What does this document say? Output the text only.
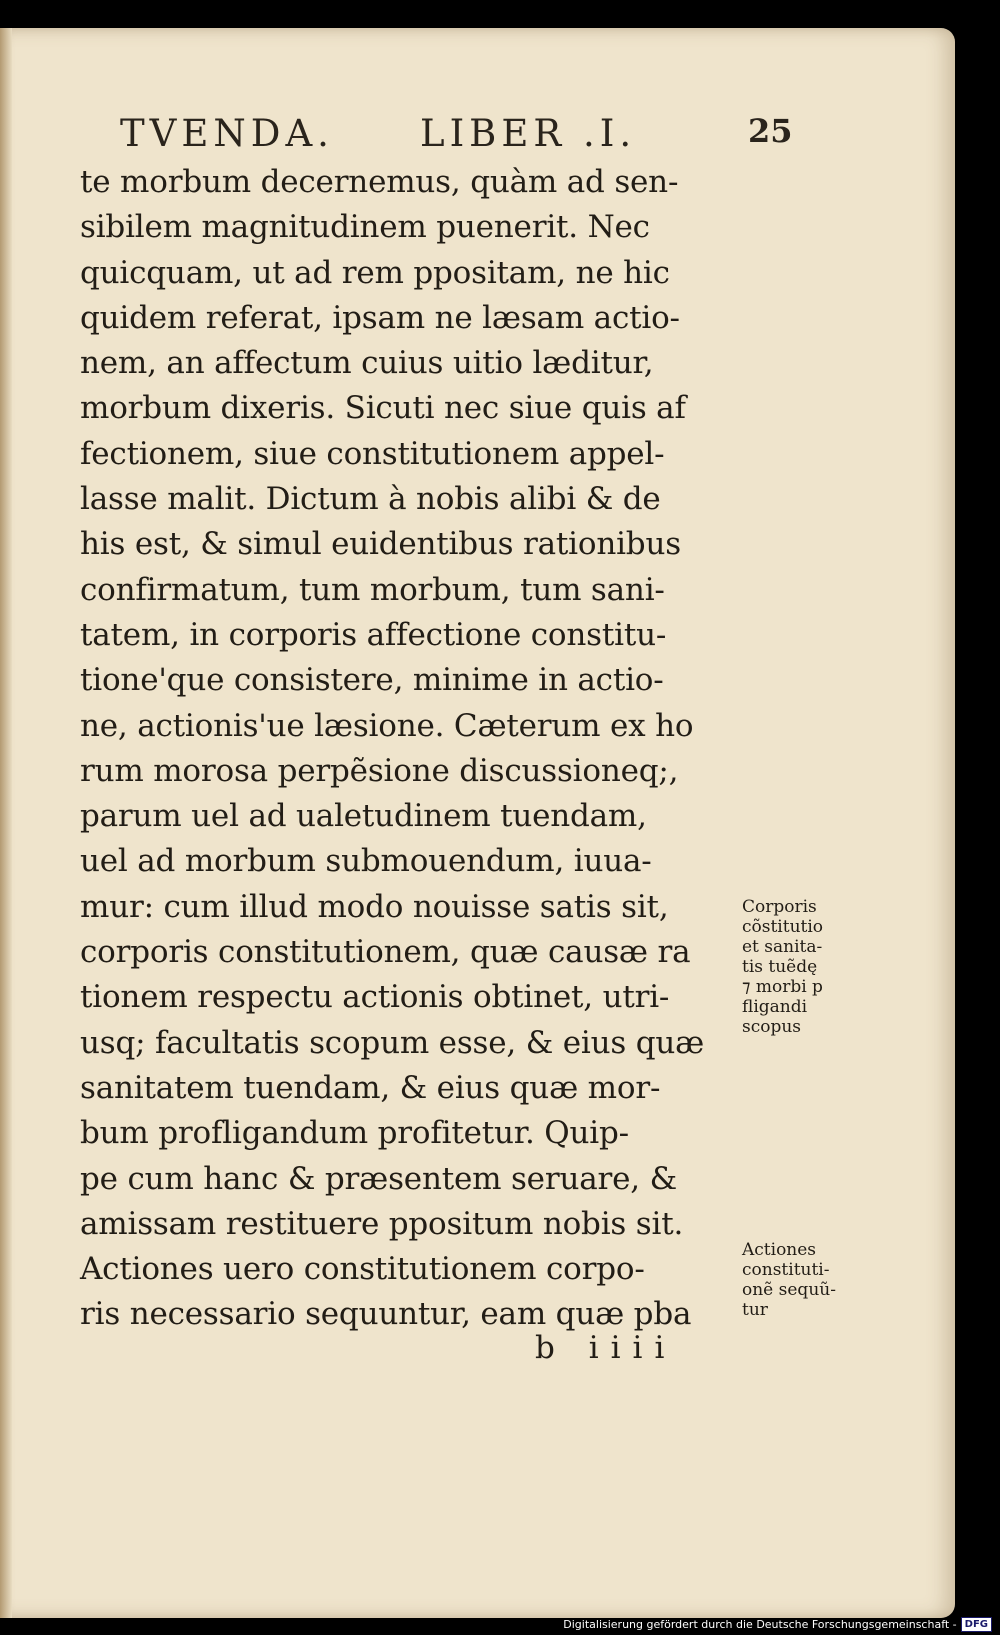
TVENDA. LIBER .I.	25
te morbum decernemus, quàm ad sen-
sibilem magnitudinem puenerit. Nec
quicquam, ut ad rem ppositam, ne hic
quidem referat, ipsam ne læsam actio-
nem, an affectum cuius uitio læditur,
morbum dixeris. Sicuti nec siue quis af
fectionem, siue constitutionem appel-
lasse malit. Dictum à nobis alibi & de
his est, & simul euidentibus rationibus
confirmatum, tum morbum, tum sani-
tatem, in corporis affectione constitu-
tione'que consistere, minime in actio-
ne, actionis'ue læsione. Cæterum ex ho
rum morosa perpẽsione discussioneq;,
parum uel ad ualetudinem tuendam,
uel ad morbum submouendum, iuua-
mur: cum illud modo nouisse satis sit,
corporis constitutionem, quæ causæ ra
tionem respectu actionis obtinet, utri-
usq; facultatis scopum esse, & eius quæ
sanitatem tuendam, & eius quæ mor-
bum profligandum profitetur. Quip-
pe cum hanc & præsentem seruare, &
amissam restituere ppositum nobis sit.
Actiones uero constitutionem corpo-
ris necessario sequuntur, eam quæ pba
Corporis
cõstitutio
et sanita-
tis tuẽdę
⁊ morbi p
fligandi
scopus
Actiones
constituti-
onẽ sequũ-
tur
b iiii
Digitalisierung gefördert durch die Deutsche Forschungsgemeinschaft - DFG
